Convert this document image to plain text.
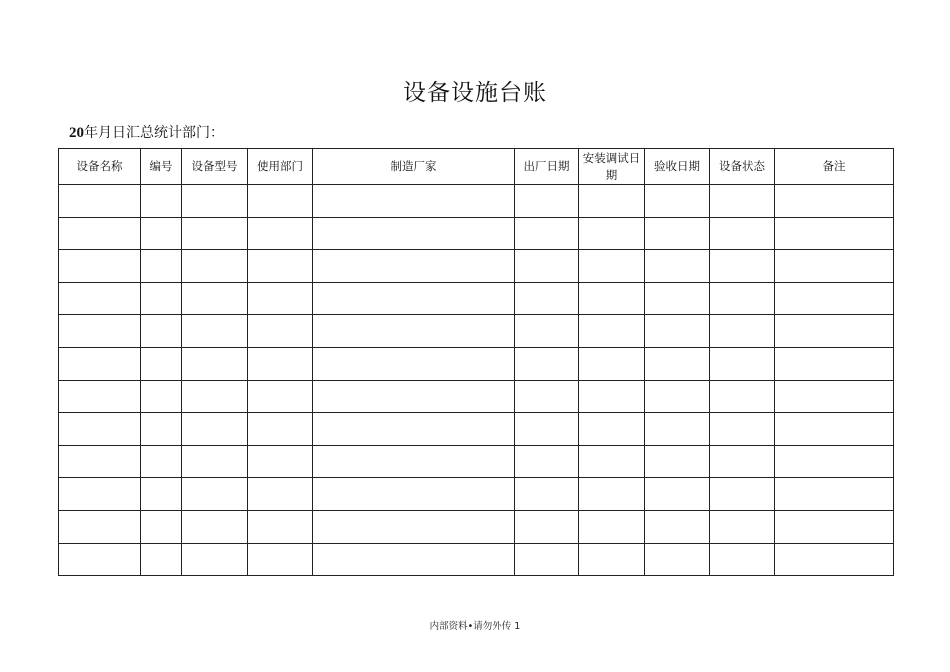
设备设施台账
20年月日汇总统计部门：
设备名称	编号	设备型号	使用部门	制造厂家	出厂日期	安装调试日期	验收日期	设备状态	备注

内部资料•请勿外传 1
